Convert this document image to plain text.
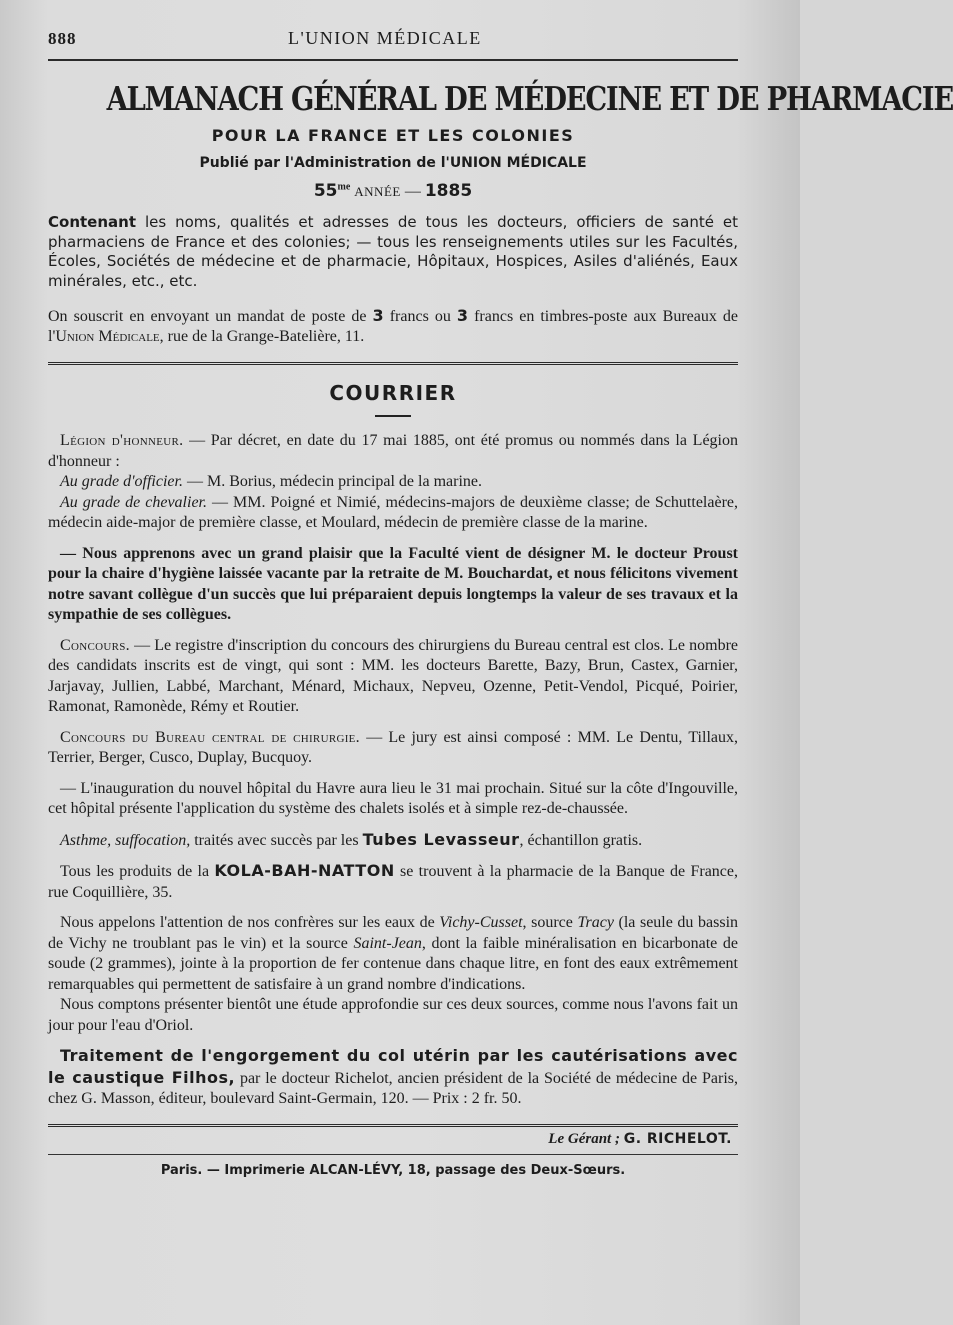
888	L'UNION MÉDICALE
ALMANACH GÉNÉRAL DE MÉDECINE ET DE PHARMACIE
POUR LA FRANCE ET LES COLONIES
Publié par l'Administration de l'UNION MÉDICALE
$55^{me}$ ANNÉE — 1885

Contenant les noms, qualités et adresses de tous les docteurs, officiers de santé et pharmaciens de France et des colonies; — tous les renseignements utiles sur les Facultés, Écoles, Sociétés de médecine et de pharmacie, Hôpitaux, Hospices, Asiles d'aliénés, Eaux minérales, etc., etc.

On souscrit en envoyant un mandat de poste de 3 francs ou 3 francs en timbres-poste aux Bureaux de l'Union Médicale, rue de la Grange-Batelière, 11.

COURRIER

Légion d'honneur. — Par décret, en date du 17 mai 1885, ont été promus ou nommés dans la Légion d'honneur :

Au grade d'officier. — M. Borius, médecin principal de la marine.

Au grade de chevalier. — MM. Poigné et Nimié, médecins-majors de deuxième classe; de Schuttelaère, médecin aide-major de première classe, et Moulard, médecin de première classe de la marine.

— Nous apprenons avec un grand plaisir que la Faculté vient de désigner M. le docteur Proust pour la chaire d'hygiène laissée vacante par la retraite de M. Bouchardat, et nous félicitons vivement notre savant collègue d'un succès que lui préparaient depuis longtemps la valeur de ses travaux et la sympathie de ses collègues.

Concours. — Le registre d'inscription du concours des chirurgiens du Bureau central est clos. Le nombre des candidats inscrits est de vingt, qui sont : MM. les docteurs Barette, Bazy, Brun, Castex, Garnier, Jarjavay, Jullien, Labbé, Marchant, Ménard, Michaux, Nepveu, Ozenne, Petit-Vendol, Picqué, Poirier, Ramonat, Ramonède, Rémy et Routier.

Concours du Bureau central de chirurgie. — Le jury est ainsi composé : MM. Le Dentu, Tillaux, Terrier, Berger, Cusco, Duplay, Bucquoy.

— L'inauguration du nouvel hôpital du Havre aura lieu le 31 mai prochain. Situé sur la côte d'Ingouville, cet hôpital présente l'application du système des chalets isolés et à simple rez-de-chaussée.

Asthme, suffocation, traités avec succès par les Tubes Levasseur, échantillon gratis.

Tous les produits de la KOLA-BAH-NATTON se trouvent à la pharmacie de la Banque de France, rue Coquillière, 35.

Nous appelons l'attention de nos confrères sur les eaux de Vichy-Cusset, source Tracy (la seule du bassin de Vichy ne troublant pas le vin) et la source Saint-Jean, dont la faible minéralisation en bicarbonate de soude (2 grammes), jointe à la proportion de fer contenue dans chaque litre, en font des eaux extrêmement remarquables qui permettent de satisfaire à un grand nombre d'indications.

Nous comptons présenter bientôt une étude approfondie sur ces deux sources, comme nous l'avons fait un jour pour l'eau d'Oriol.

Traitement de l'engorgement du col utérin par les cautérisations avec le caustique Filhos, par le docteur Richelot, ancien président de la Société de médecine de Paris, chez G. Masson, éditeur, boulevard Saint-Germain, 120. — Prix : 2 fr. 50.

Le Gérant ; G. RICHELOT.
Paris. — Imprimerie ALCAN-LÉVY, 18, passage des Deux-Sœurs.
